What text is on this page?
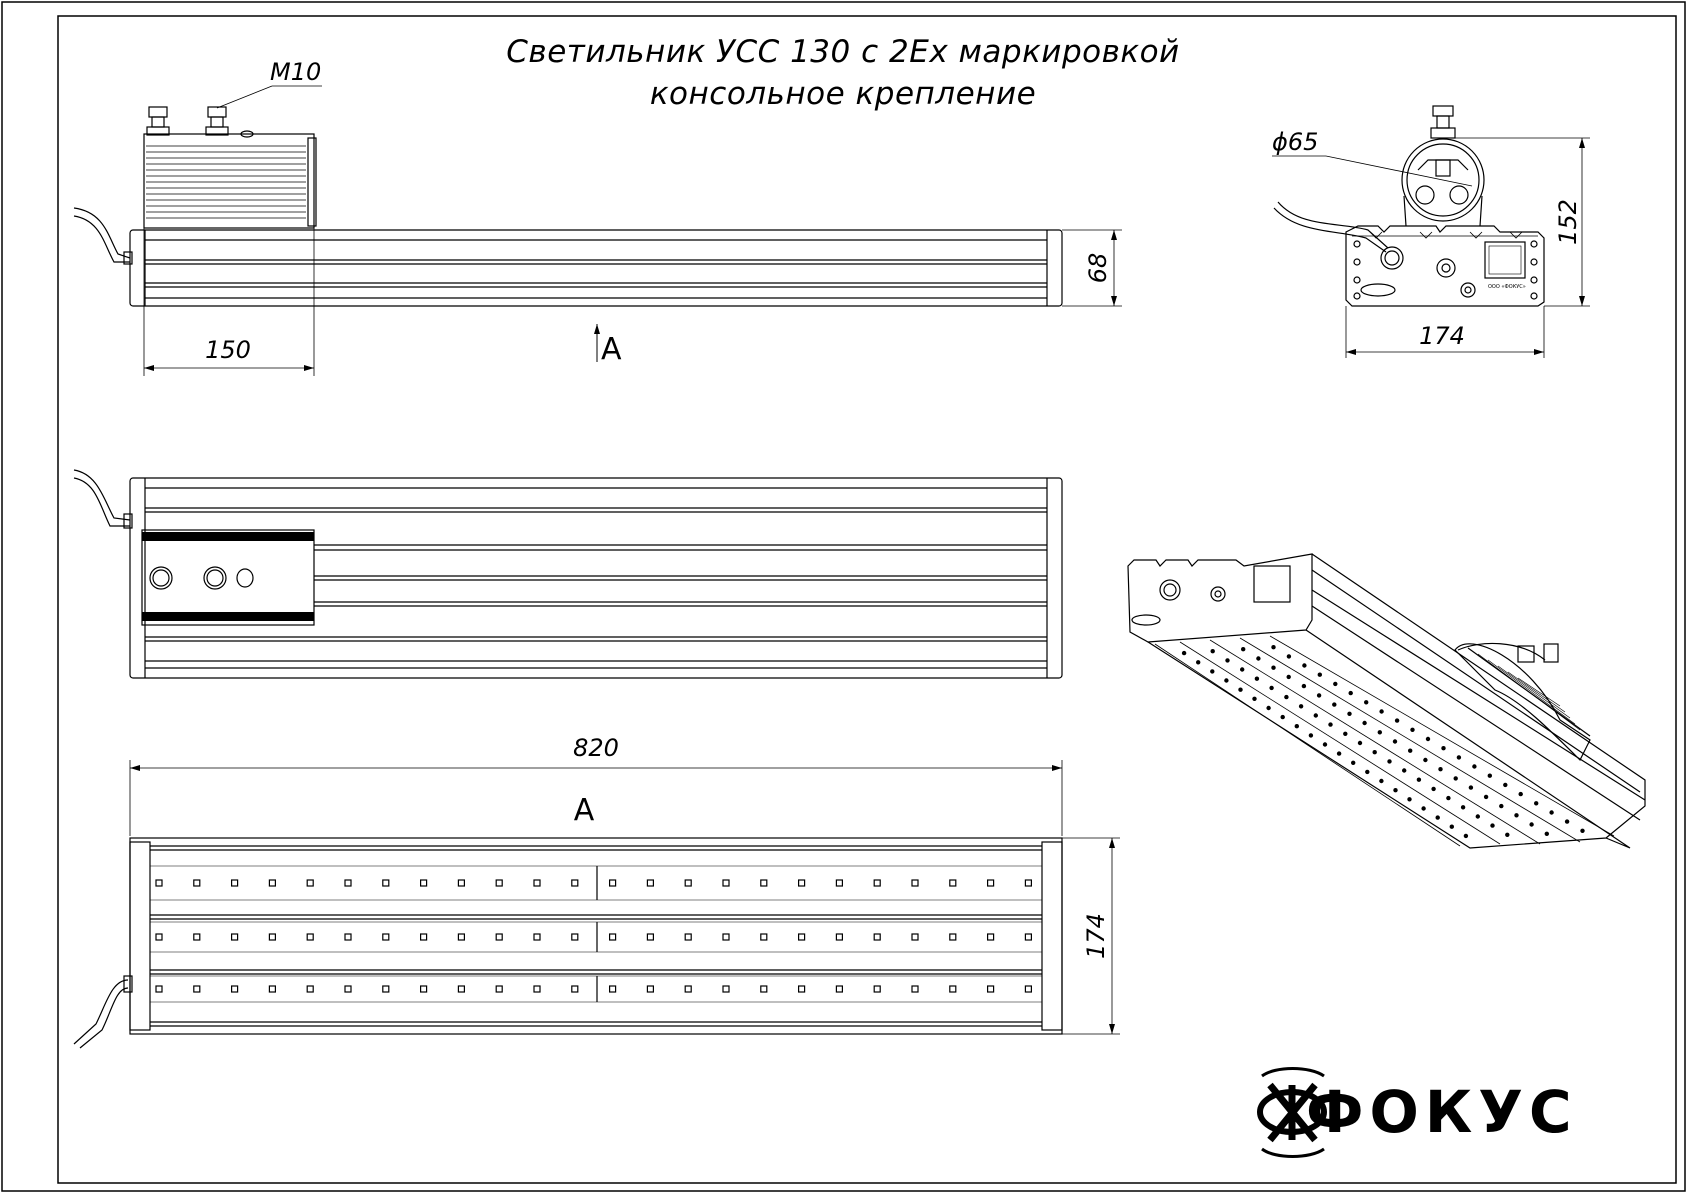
Светильник УСС 130 с 2Ех маркировкой
консольное крепление
М10
150
68
А
820
А
174
ООО «ФОКУС»
ϕ65
152
174
ФОКУС
